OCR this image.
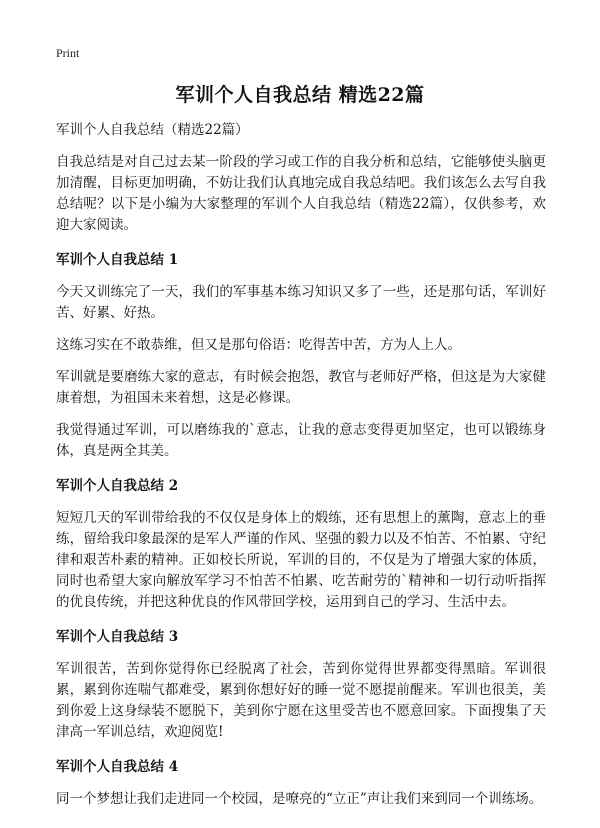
Print
军训个人自我总结 精选22篇

军训个人自我总结（精选22篇）

自我总结是对自己过去某一阶段的学习或工作的自我分析和总结，它能够使头脑更加清醒，目标更加明确，不妨让我们认真地完成自我总结吧。我们该怎么去写自我总结呢？以下是小编为大家整理的军训个人自我总结（精选22篇），仅供参考，欢迎大家阅读。

军训个人自我总结 1

今天又训练完了一天，我们的军事基本练习知识又多了一些，还是那句话，军训好苦、好累、好热。

这练习实在不敢恭维，但又是那句俗语：吃得苦中苦，方为人上人。

军训就是要磨练大家的意志，有时候会抱怨，教官与老师好严格，但这是为大家健康着想，为祖国未来着想，这是必修课。

我觉得通过军训，可以磨练我的`意志，让我的意志变得更加坚定，也可以锻练身体，真是两全其美。

军训个人自我总结 2

短短几天的军训带给我的不仅仅是身体上的煅练，还有思想上的薰陶，意志上的垂练，留给我印象最深的是军人严谨的作风、坚强的毅力以及不怕苦、不怕累、守纪律和艰苦朴素的精神。正如校长所说，军训的目的，不仅是为了增强大家的体质，同时也希望大家向解放军学习不怕苦不怕累、吃苦耐劳的`精神和一切行动听指挥的优良传统，并把这种优良的作风带回学校，运用到自己的学习、生活中去。

军训个人自我总结 3

军训很苦，苦到你觉得你已经脱离了社会，苦到你觉得世界都变得黑暗。军训很累，累到你连喘气都难受，累到你想好好的睡一觉不愿提前醒来。军训也很美，美到你爱上这身绿装不愿脱下，美到你宁愿在这里受苦也不愿意回家。下面搜集了天津高一军训总结，欢迎阅览!

军训个人自我总结 4

同一个梦想让我们走进同一个校园，是嘹亮的“立正”声让我们来到同一个训练场。
